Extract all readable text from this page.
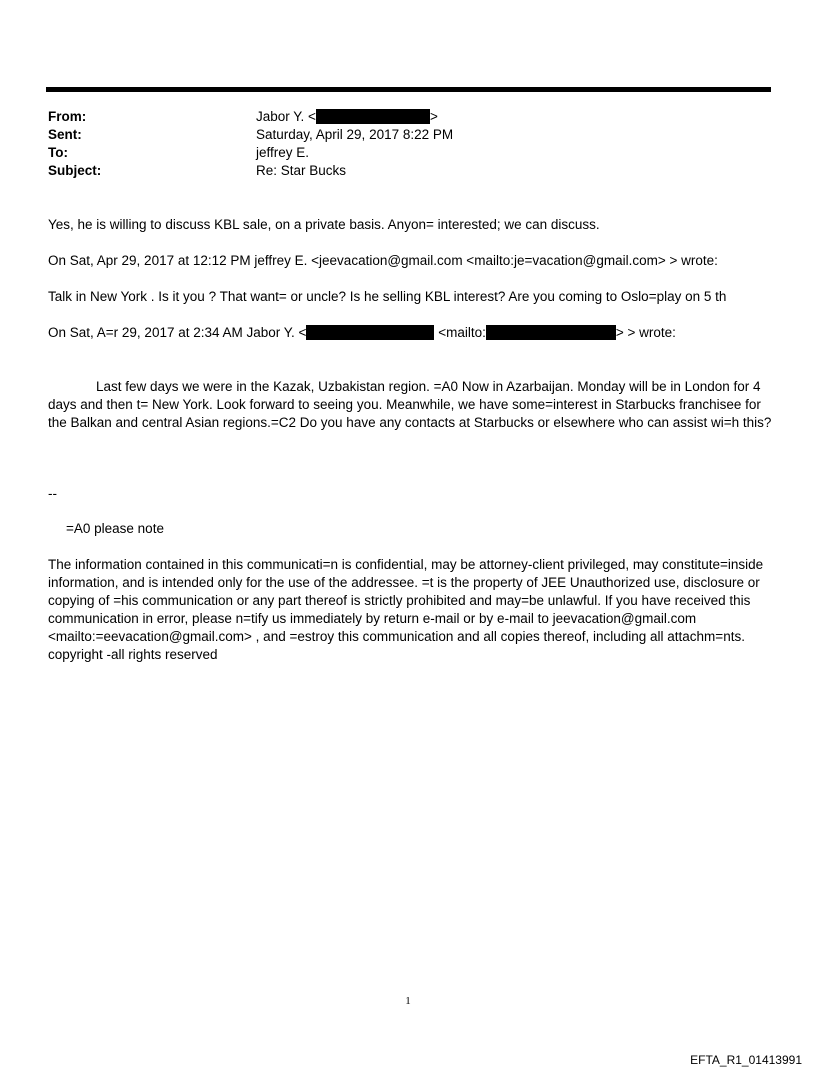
From:	Jabor Y. <	>
Sent:	Saturday, April 29, 2017 8:22 PM
To:	jeffrey E.
Subject:	Re: Star Bucks
Yes, he is willing to discuss KBL sale, on a private basis. Anyon= interested; we can discuss.
On Sat, Apr 29, 2017 at 12:12 PM jeffrey E. <jeevacation@gmail.com <mailto:je=vacation@gmail.com> > wrote:
Talk in New York . Is it you ? That want= or uncle? Is he selling KBL interest? Are you coming to Oslo=play on 5 th
On Sat, A=r 29, 2017 at 2:34 AM Jabor Y. <	<mailto:	> > wrote:
Last few days we were in the Kazak, Uzbakistan region. =A0 Now in Azarbaijan. Monday will be in London for 4 days and then t= New York. Look forward to seeing you. Meanwhile, we have some=interest in Starbucks franchisee for the Balkan and central Asian regions.=C2 Do you have any contacts at Starbucks or elsewhere who can assist wi=h this?
--
=A0 please note
The information contained in this communicati=n is confidential, may be attorney-client privileged, may constitute=inside information, and is intended only for the use of the addressee. =t is the property of JEE Unauthorized use, disclosure or copying of =his communication or any part thereof is strictly prohibited and may=be unlawful. If you have received this communication in error, please n=tify us immediately by return e-mail or by e-mail to jeevacation@gmail.com <mailto:=eevacation@gmail.com> , and =estroy this communication and all copies thereof, including all attachm=nts. copyright -all rights reserved
1
EFTA_R1_01413991
